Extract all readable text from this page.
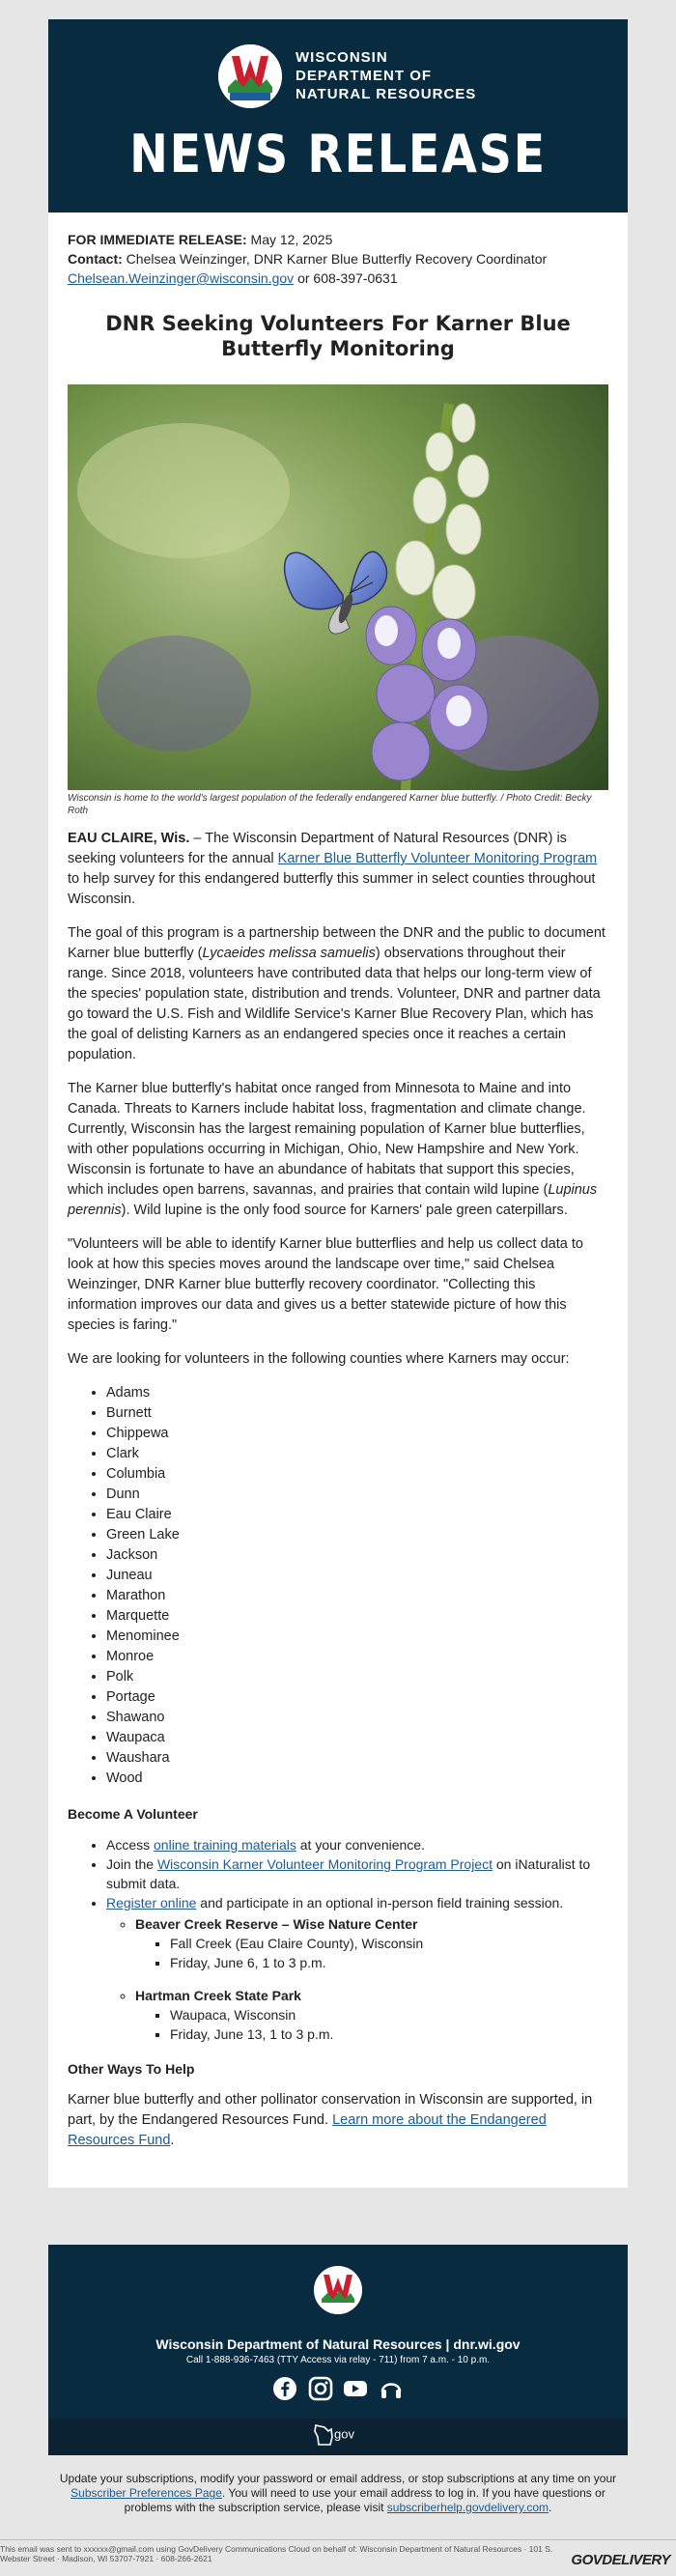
WISCONSIN
DEPARTMENT OF
NATURAL RESOURCES
NEWS RELEASE

FOR IMMEDIATE RELEASE: May 12, 2025

Contact: Chelsea Weinzinger, DNR Karner Blue Butterfly Recovery Coordinator

Chelsean.Weinzinger@wisconsin.gov or 608-397-0631

DNR Seeking Volunteers For Karner Blue Butterfly Monitoring
Wisconsin is home to the world's largest population of the federally endangered Karner blue butterfly. / Photo Credit: Becky Roth

EAU CLAIRE, Wis. – The Wisconsin Department of Natural Resources (DNR) is seeking volunteers for the annual Karner Blue Butterfly Volunteer Monitoring Program to help survey for this endangered butterfly this summer in select counties throughout Wisconsin.

The goal of this program is a partnership between the DNR and the public to document Karner blue butterfly (Lycaeides melissa samuelis) observations throughout their range. Since 2018, volunteers have contributed data that helps our long-term view of the species' population state, distribution and trends. Volunteer, DNR and partner data go toward the U.S. Fish and Wildlife Service's Karner Blue Recovery Plan, which has the goal of delisting Karners as an endangered species once it reaches a certain population.

The Karner blue butterfly's habitat once ranged from Minnesota to Maine and into Canada. Threats to Karners include habitat loss, fragmentation and climate change. Currently, Wisconsin has the largest remaining population of Karner blue butterflies, with other populations occurring in Michigan, Ohio, New Hampshire and New York. Wisconsin is fortunate to have an abundance of habitats that support this species, which includes open barrens, savannas, and prairies that contain wild lupine (Lupinus perennis). Wild lupine is the only food source for Karners' pale green caterpillars.

"Volunteers will be able to identify Karner blue butterflies and help us collect data to look at how this species moves around the landscape over time," said Chelsea Weinzinger, DNR Karner blue butterfly recovery coordinator. "Collecting this information improves our data and gives us a better statewide picture of how this species is faring."

We are looking for volunteers in the following counties where Karners may occur:

• Adams
• Burnett
• Chippewa
• Clark
• Columbia
• Dunn
• Eau Claire
• Green Lake
• Jackson
• Juneau
• Marathon
• Marquette
• Menominee
• Monroe
• Polk
• Portage
• Shawano
• Waupaca
• Waushara
• Wood
Become A Volunteer
• Access online training materials at your convenience.
• Join the Wisconsin Karner Volunteer Monitoring Program Project on iNaturalist to submit data.
• Register online and participate in an optional in-person field training session.
◦ Beaver Creek Reserve – Wise Nature Center
▪ Fall Creek (Eau Claire County), Wisconsin
▪ Friday, June 6, 1 to 3 p.m.
◦ Hartman Creek State Park
▪ Waupaca, Wisconsin
▪ Friday, June 13, 1 to 3 p.m.
Other Ways To Help

Karner blue butterfly and other pollinator conservation in Wisconsin are supported, in part, by the Endangered Resources Fund. Learn more about the Endangered Resources Fund.

Wisconsin Department of Natural Resources | dnr.wi.gov
Call 1-888-936-7463 (TTY Access via relay - 711) from 7 a.m. - 10 p.m.

gov
Update your subscriptions, modify your password or email address, or stop subscriptions at any time on your Subscriber Preferences Page. You will need to use your email address to log in. If you have questions or problems with the subscription service, please visit subscriberhelp.govdelivery.com.
This email was sent to xxxxxx@gmail.com using GovDelivery Communications Cloud on behalf of: Wisconsin Department of Natural Resources · 101 S. Webster Street · Madison, WI 53707-7921 · 608-266-2621	GOVDELIVERY
